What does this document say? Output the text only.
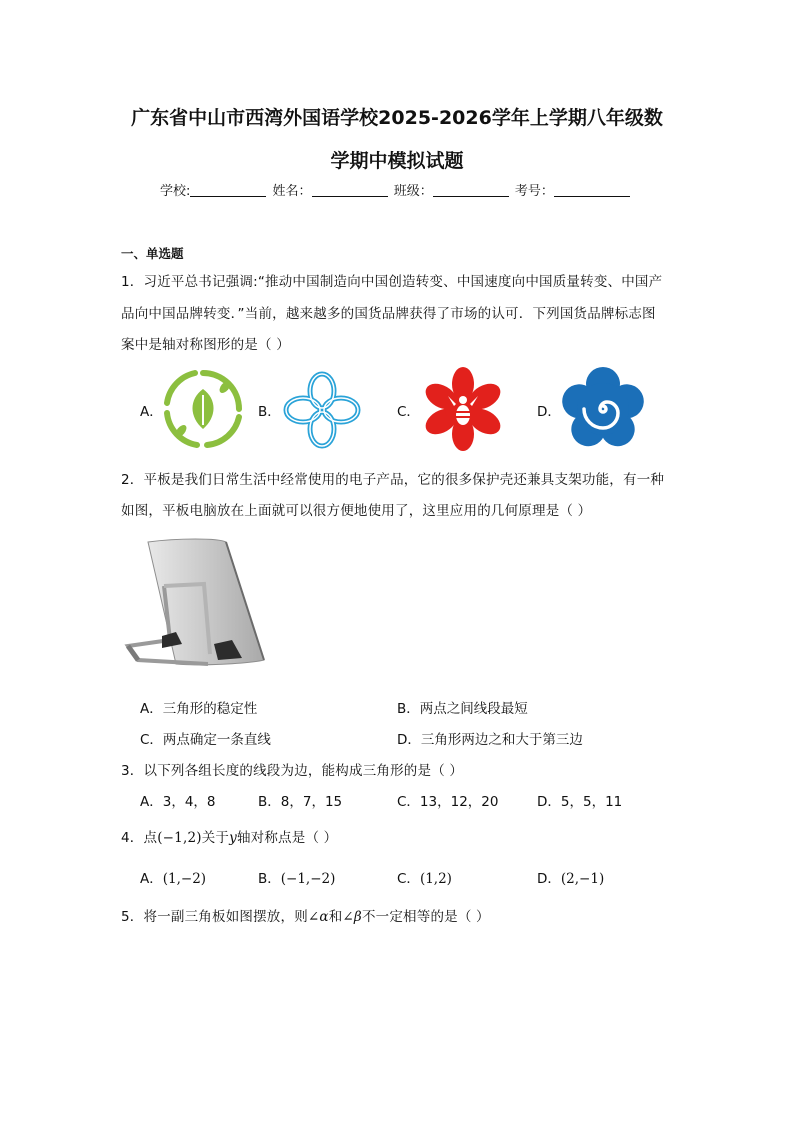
广东省中山市西湾外国语学校2025-2026学年上学期八年级数
学期中模拟试题
学校:	姓名：	班级：	考号：
一、单选题
1．习近平总书记强调:“推动中国制造向中国创造转变、中国速度向中国质量转变、中国产
品向中国品牌转变．”当前，越来越多的国货品牌获得了市场的认可．下列国货品牌标志图
案中是轴对称图形的是（ ）
A．	B．	C．	D．
2．平板是我们日常生活中经常使用的电子产品，它的很多保护壳还兼具支架功能，有一种
如图，平板电脑放在上面就可以很方便地使用了，这里应用的几何原理是（ ）
A．三角形的稳定性	B．两点之间线段最短
C．两点确定一条直线	D．三角形两边之和大于第三边
3．以下列各组长度的线段为边，能构成三角形的是（ ）
A．3，4，8	B．8，7，15	C．13，12，20	D．5，5，11
4．点(−1,2)关于y轴对称点是（ ）
A．(1,−2)	B．(−1,−2)	C．(1,2)	D．(2,−1)
5．将一副三角板如图摆放，则∠α和∠β不一定相等的是（ ）
